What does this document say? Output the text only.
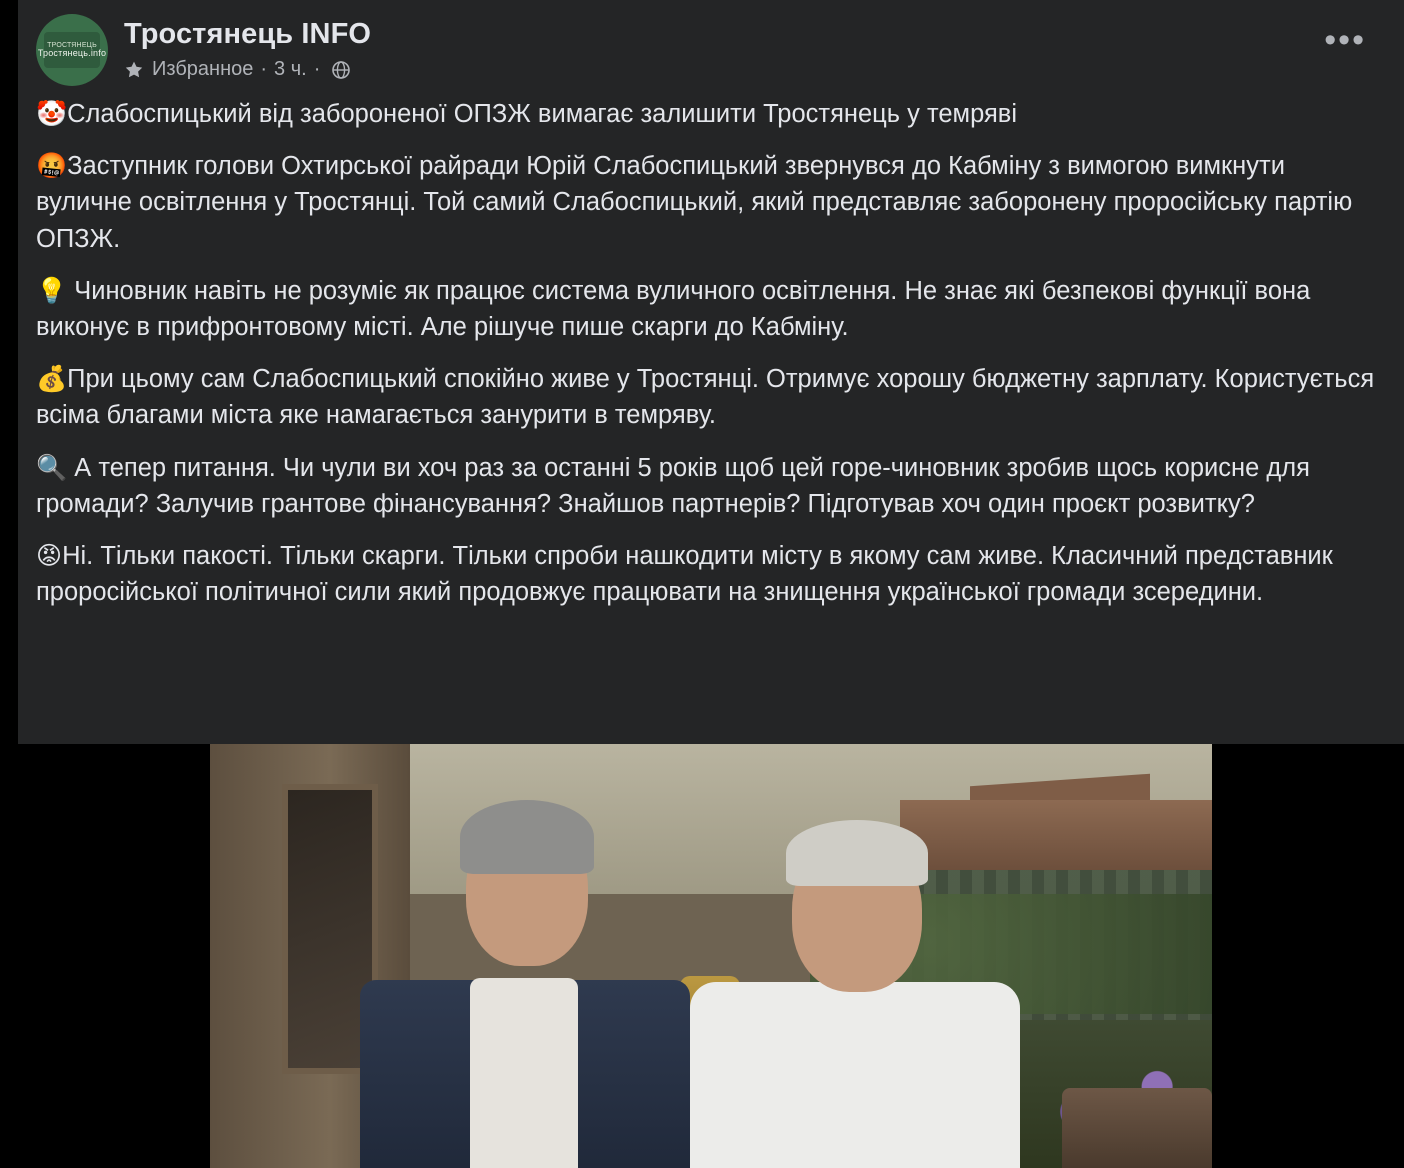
ТРОСТЯНЕЦЬ
Тростянець.info
Тростянець INFO
Избранное · 3 ч. ·
•••

🤡Слабоспицький від забороненої ОПЗЖ вимагає залишити Тростянець у темряві

🤬Заступник голови Охтирської райради Юрій Слабоспицький звернувся до Кабміну з вимогою вимкнути вуличне освітлення у Тростянці. Той самий Слабоспицький, який представляє заборонену проросійську партію ОПЗЖ.

💡 Чиновник навіть не розуміє як працює система вуличного освітлення. Не знає які безпекові функції вона виконує в прифронтовому місті. Але рішуче пише скарги до Кабміну.

💰При цьому сам Слабоспицький спокійно живе у Тростянці. Отримує хорошу бюджетну зарплату. Користується всіма благами міста яке намагається занурити в темряву.

🔍 А тепер питання. Чи чули ви хоч раз за останні 5 років щоб цей горе-чиновник зробив щось корисне для громади? Залучив грантове фінансування? Знайшов партнерів? Підготував хоч один проєкт розвитку?

😡Ні. Тільки пакості. Тільки скарги. Тільки спроби нашкодити місту в якому сам живе. Класичний представник проросійської політичної сили який продовжує працювати на знищення української громади зсередини.
